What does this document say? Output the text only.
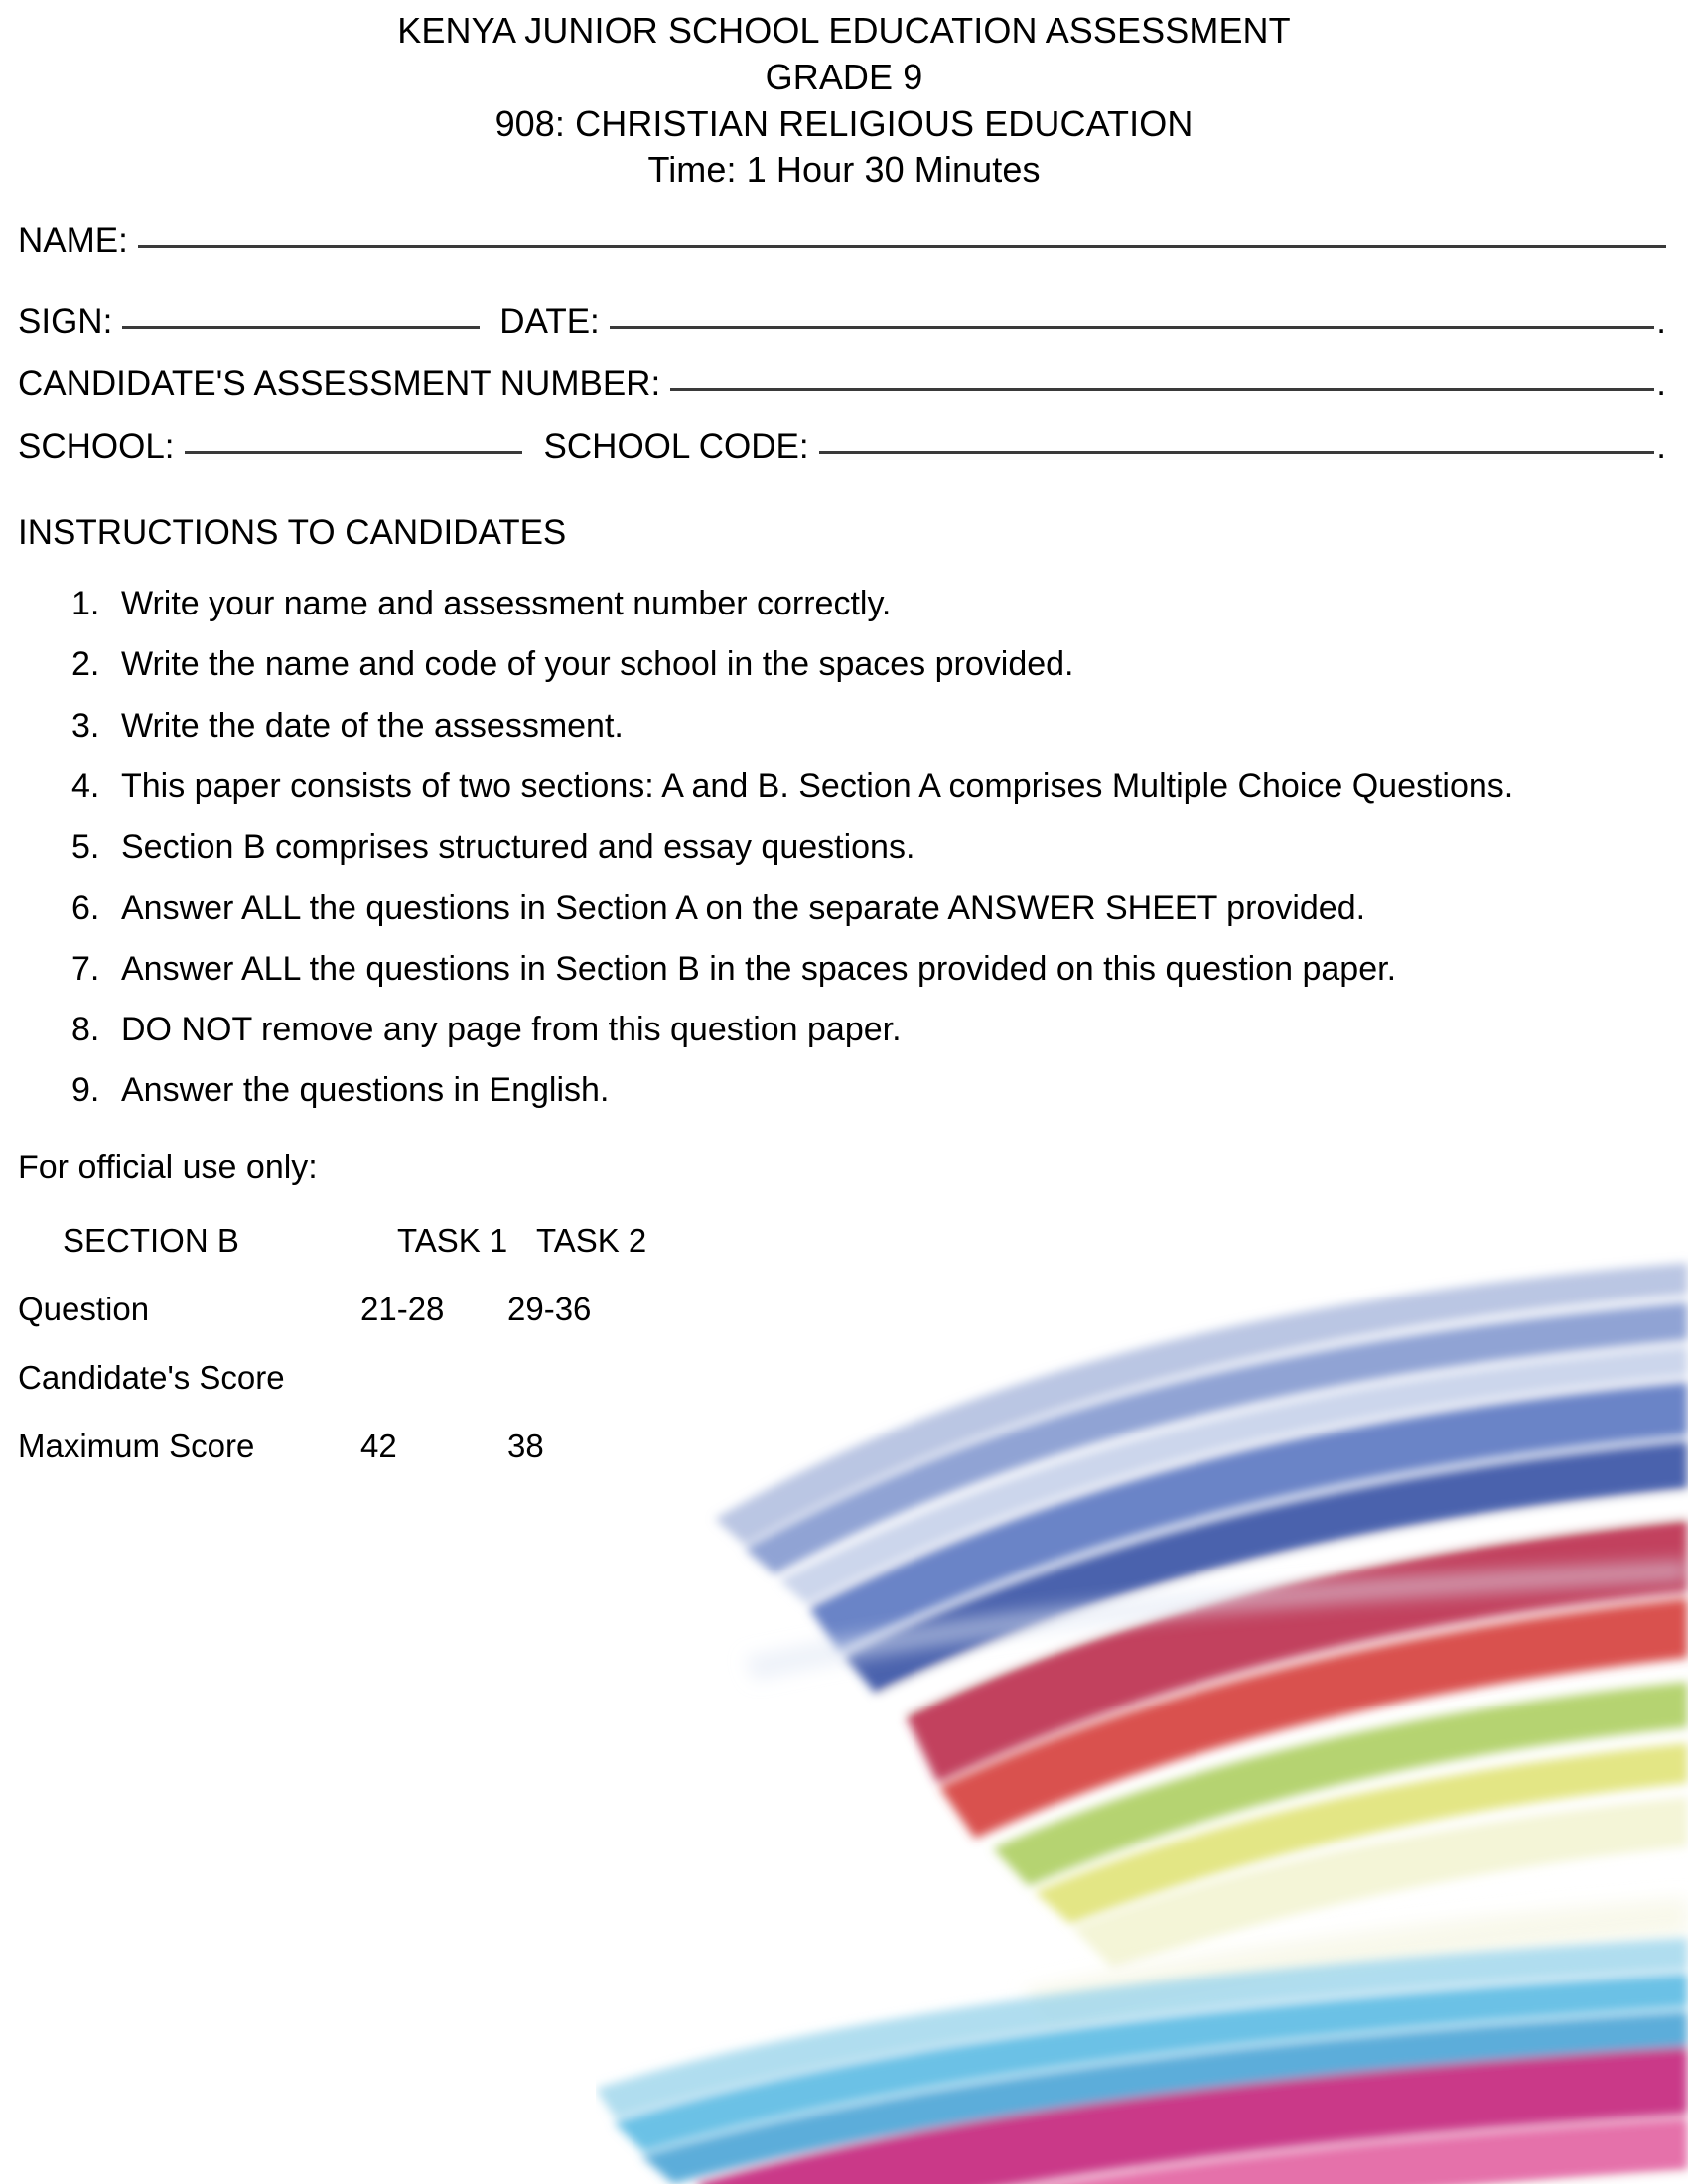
KENYA JUNIOR SCHOOL EDUCATION ASSESSMENT
GRADE 9
908: CHRISTIAN RELIGIOUS EDUCATION
Time: 1 Hour 30 Minutes
NAME:
SIGN:	DATE:	.
CANDIDATE'S ASSESSMENT NUMBER:	.
SCHOOL:	SCHOOL CODE:	.
INSTRUCTIONS TO CANDIDATES
Write your name and assessment number correctly.
Write the name and code of your school in the spaces provided.
Write the date of the assessment.
This paper consists of two sections: A and B. Section A comprises Multiple Choice Questions.
Section B comprises structured and essay questions.
Answer ALL the questions in Section A on the separate ANSWER SHEET provided.
Answer ALL the questions in Section B in the spaces provided on this question paper.
DO NOT remove any page from this question paper.
Answer the questions in English.
For official use only:
SECTION B	TASK 1 TASK 2
Question	21-28	29-36
Candidate's Score
Maximum Score	42	38
